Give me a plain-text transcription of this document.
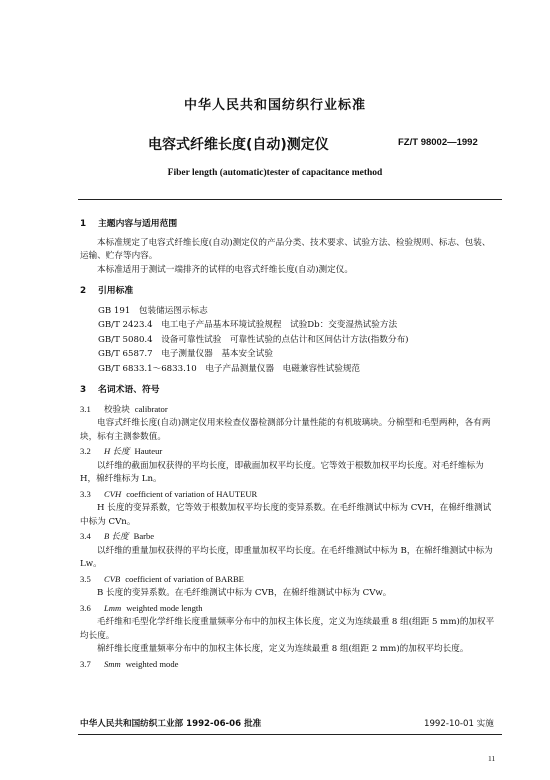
中华人民共和国纺织行业标准
电容式纤维长度(自动)测定仪	FZ/T 98002—1992
Fiber length (automatic)tester of capacitance method
1 主题内容与适用范围

本标准规定了电容式纤维长度(自动)测定仪的产品分类、技术要求、试验方法、检验规则、标志、包装、运输、贮存等内容。

本标准适用于测试一端排齐的试样的电容式纤维长度(自动)测定仪。

2 引用标准
GB 191　包装储运图示标志
GB/T 2423.4　电工电子产品基本环境试验规程　试验Db：交变湿热试验方法
GB/T 5080.4　设备可靠性试验　可靠性试验的点估计和区间估计方法(指数分布)
GB/T 6587.7　电子测量仪器　基本安全试验
GB/T 6833.1～6833.10　电子产品测量仪器　电磁兼容性试验规范
3 名词术语、符号
3.1 校验块 calibrator

电容式纤维长度(自动)测定仪用来检查仪器检测部分计量性能的有机玻璃块。分棉型和毛型两种，各有两块，标有主测参数值。

3.2 H 长度 Hauteur

以纤维的截面加权获得的平均长度，即截面加权平均长度。它等效于根数加权平均长度。对毛纤维标为 H，棉纤维标为 Ln。

3.3 CVH coefficient of variation of HAUTEUR

H 长度的变异系数，它等效于根数加权平均长度的变异系数。在毛纤维测试中标为 CVH，在棉纤维测试中标为 CVn。

3.4 B 长度 Barbe

以纤维的重量加权获得的平均长度，即重量加权平均长度。在毛纤维测试中标为 B，在棉纤维测试中标为 Lw。

3.5 CVB coefficient of variation of BARBE

B 长度的变异系数。在毛纤维测试中标为 CVB，在棉纤维测试中标为 CVw。

3.6 Lmm weighted mode length

毛纤维和毛型化学纤维长度重量频率分布中的加权主体长度，定义为连续最重 8 组(组距 5 mm)的加权平均长度。

棉纤维长度重量频率分布中的加权主体长度，定义为连续最重 8 组(组距 2 mm)的加权平均长度。

3.7 Smm weighted mode
中华人民共和国纺织工业部 1992-06-06 批准	1992-10-01 实施
11
